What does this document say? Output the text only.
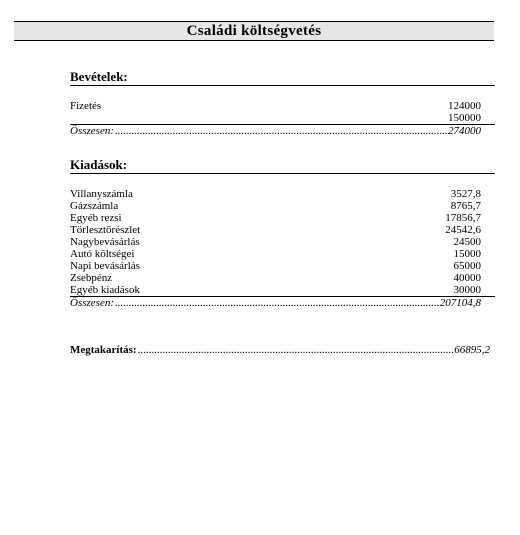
Családi költségvetés
Bevételek:
Fizetés	124000
150000
Összesen: .....	274000
Kiadások:
Villanyszámla	3527,8
Gázszámla	8765,7
Egyéb rezsi	17856,7
Törlesztőrészlet	24542,6
Nagybevásárlás	24500
Autó költségei	15000
Napi bevásárlás	65000
Zsebpénz	40000
Egyéb kiadások	30000
Összesen: .....	207104,8
Megtakarítás: .....	66895,2
